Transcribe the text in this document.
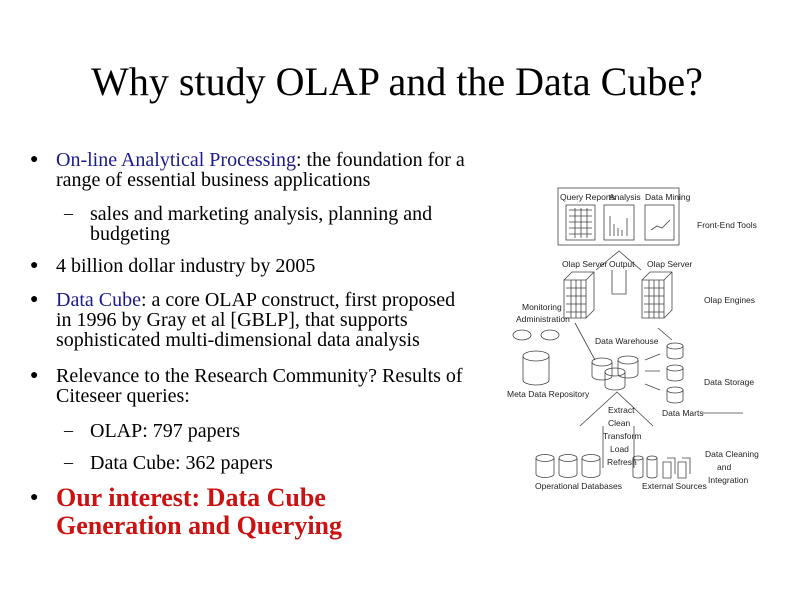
Why study OLAP and the Data Cube?
● On-line Analytical Processing: the foundation for a
range of essential business applications
– sales and marketing analysis, planning and
budgeting
● 4 billion dollar industry by 2005
● Data Cube: a core OLAP construct, first proposed
in 1996 by Gray et al [GBLP], that supports
sophisticated multi-dimensional data analysis
● Relevance to the Research Community? Results of
Citeseer queries:
– OLAP: 797 papers
– Data Cube: 362 papers
● Our interest: Data Cube
Generation and Querying
Query Reports
Analysis Data Mining
Front-End Tools
Olap Server Output Olap Server
Olap Engines
Monitoring
Administration
Data Warehouse
Meta Data Repository
Data Storage
Data Marts
Extract
Clean
Transform
Load
Refresh
Data Cleaning
and
Integration
Operational Databases External Sources
